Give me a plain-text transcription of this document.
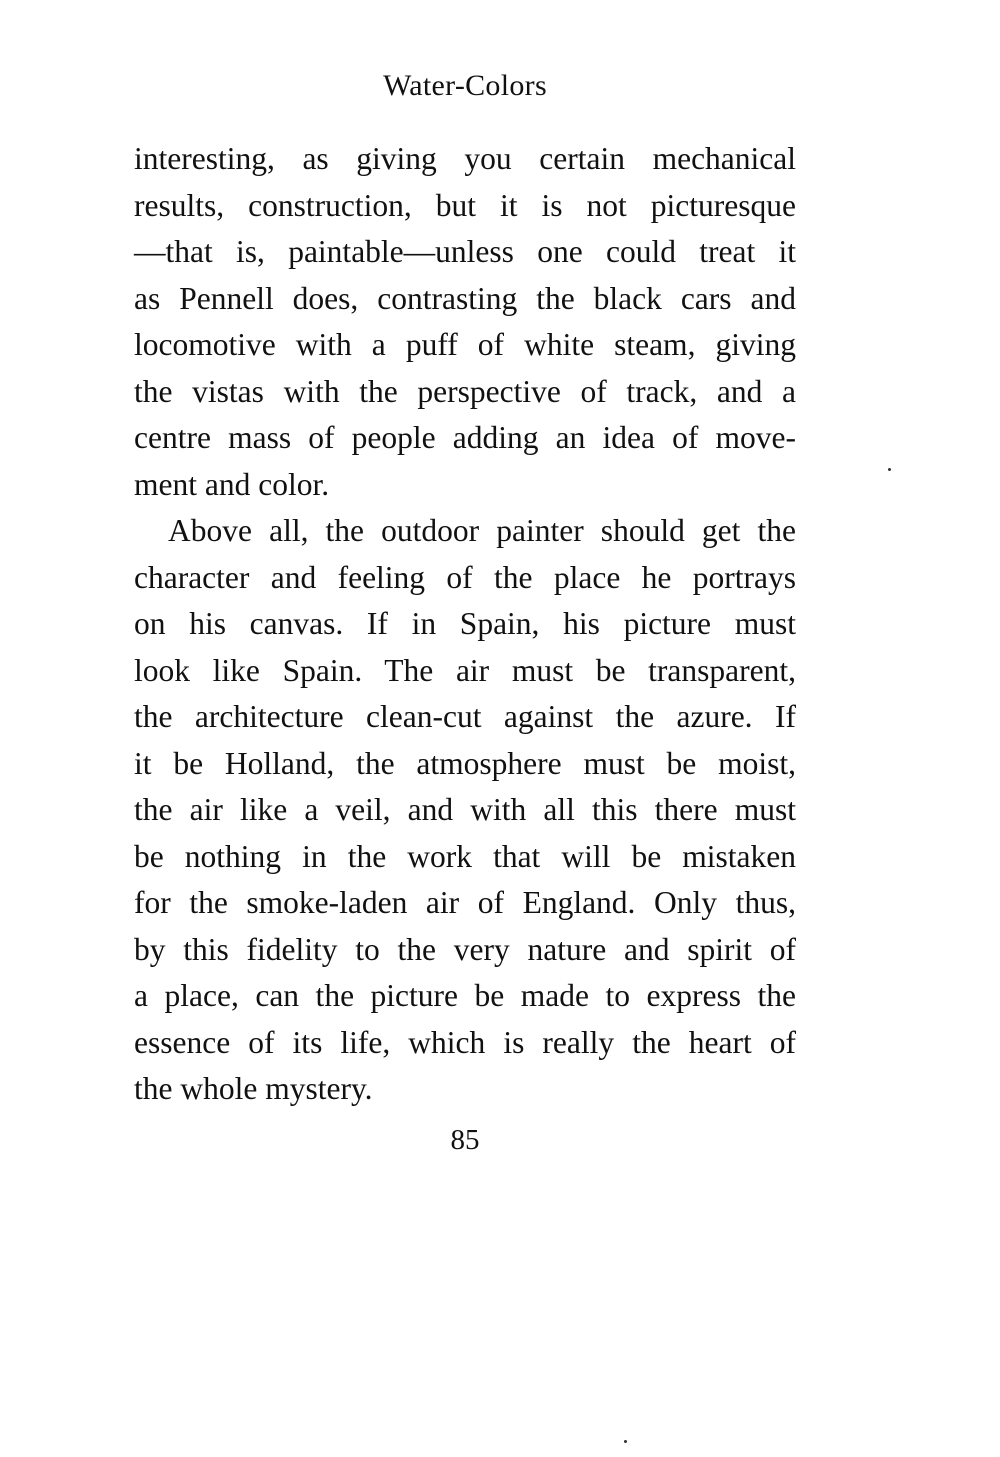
Water-Colors
interesting, as giving you certain mechanical
results, construction, but it is not picturesque
—that is, paintable—unless one could treat it
as Pennell does, contrasting the black cars and
locomotive with a puff of white steam, giving
the vistas with the perspective of track, and a
centre mass of people adding an idea of move-
ment and color.
Above all, the outdoor painter should get the
character and feeling of the place he portrays
on his canvas. If in Spain, his picture must
look like Spain. The air must be transparent,
the architecture clean-cut against the azure. If
it be Holland, the atmosphere must be moist,
the air like a veil, and with all this there must
be nothing in the work that will be mistaken
for the smoke-laden air of England. Only thus,
by this fidelity to the very nature and spirit of
a place, can the picture be made to express the
essence of its life, which is really the heart of
the whole mystery.
85
